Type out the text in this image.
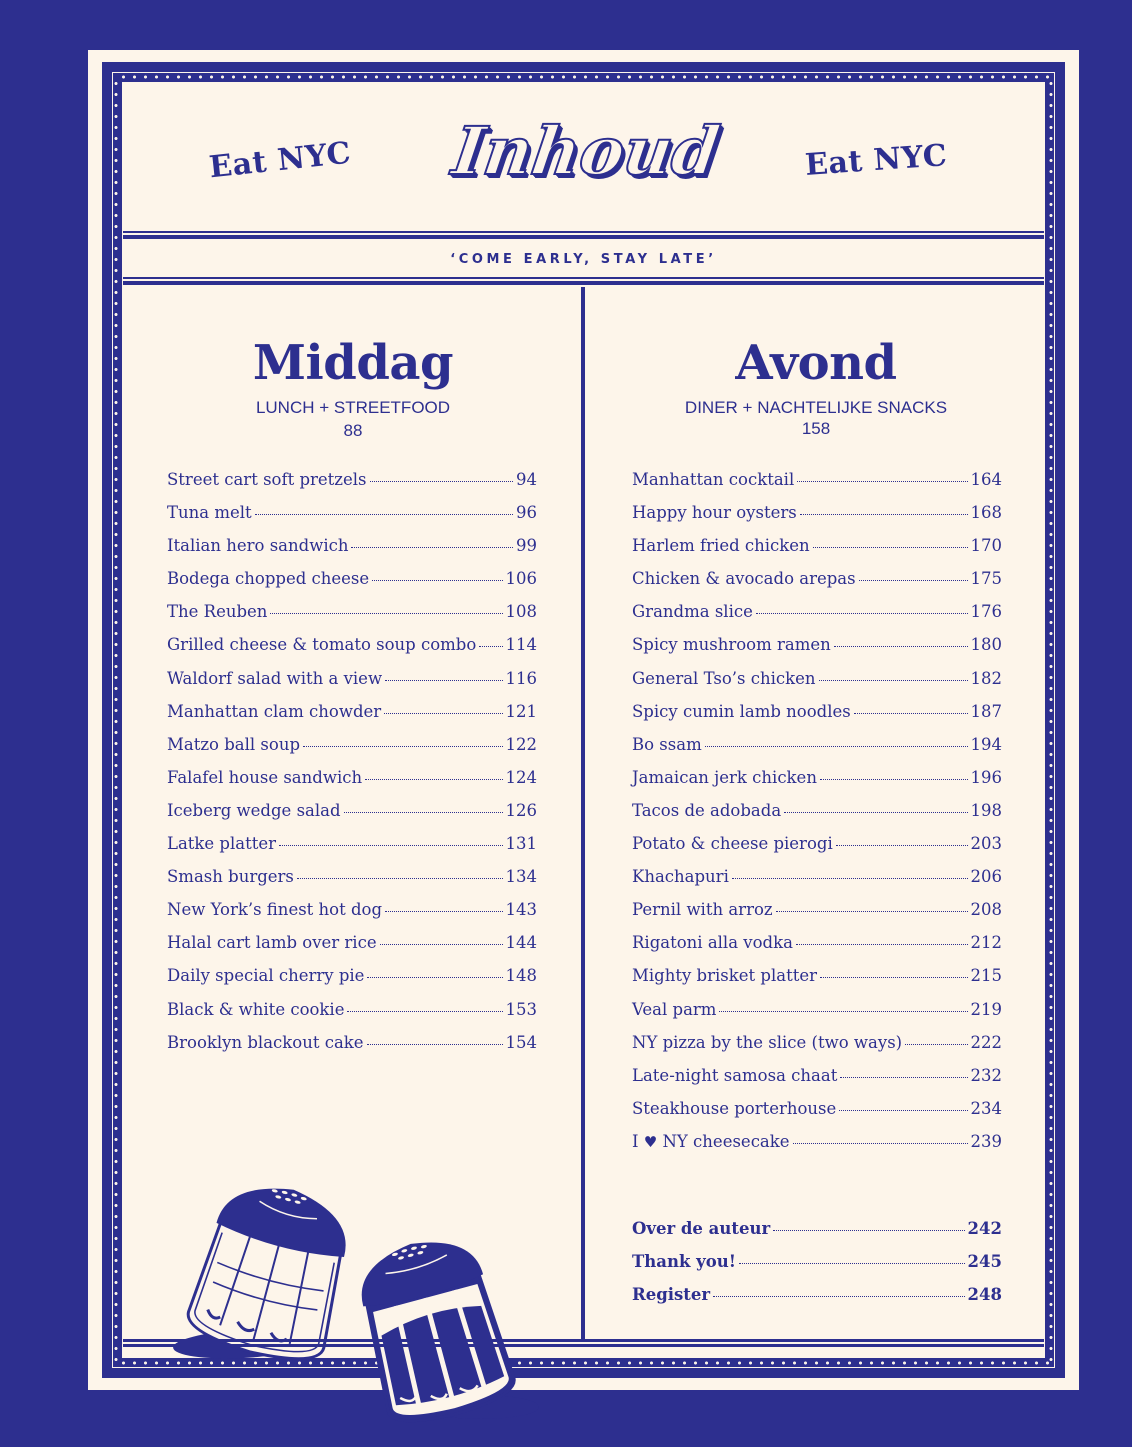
Eat NYC Inhoud	Eat NYC
‘COME EARLY, STAY LATE’
Middag
LUNCH + STREETFOOD
88
Street cart soft pretzels	94
Tuna melt	96
Italian hero sandwich	99
Bodega chopped cheese	106
The Reuben	108
Grilled cheese & tomato soup combo 114
Waldorf salad with a view	116
Manhattan clam chowder	121
Matzo ball soup	122
Falafel house sandwich	124
Iceberg wedge salad	126
Latke platter	131
Smash burgers	134
New York’s finest hot dog	143
Halal cart lamb over rice	144
Daily special cherry pie	148
Black & white cookie	153
Brooklyn blackout cake	154
Avond
DINER + NACHTELIJKE SNACKS
158
Manhattan cocktail	164
Happy hour oysters	168
Harlem fried chicken	170
Chicken & avocado arepas	175
Grandma slice	176
Spicy mushroom ramen	180
General Tso’s chicken	182
Spicy cumin lamb noodles	187
Bo ssam	194
Jamaican jerk chicken	196
Tacos de adobada	198
Potato & cheese pierogi	203
Khachapuri	206
Pernil with arroz	208
Rigatoni alla vodka	212
Mighty brisket platter	215
Veal parm	219
NY pizza by the slice (two ways)	222
Late-night samosa chaat	232
Steakhouse porterhouse	234
I ♥ NY cheesecake	239
Over de auteur	242
Thank you!	245
Register	248
